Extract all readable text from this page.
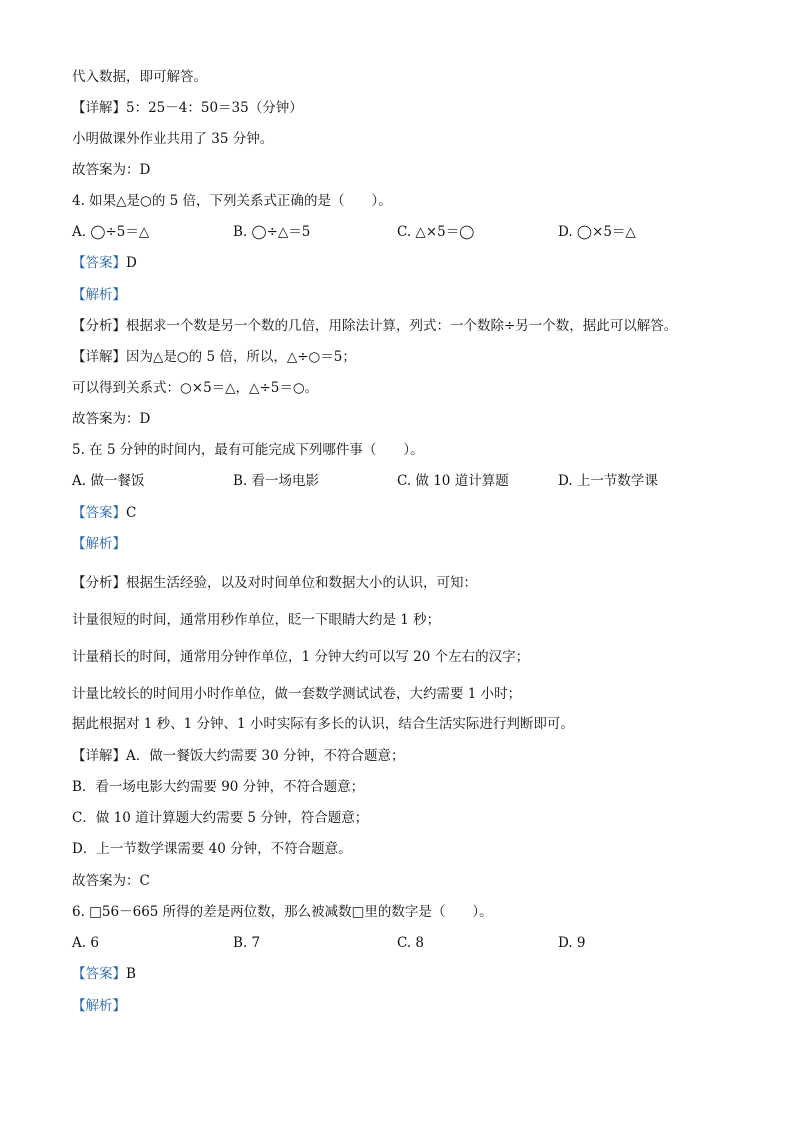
代入数据，即可解答。
【详解】5：25－4：50＝35（分钟）
小明做课外作业共用了 35 分钟。
故答案为：D
4. 如果△是○的 5 倍，下列关系式正确的是（　　）。
A. ◯÷5＝△	B. ◯÷△＝5	C. △×5＝◯	D. ◯×5＝△
【答案】D
【解析】
【分析】根据求一个数是另一个数的几倍，用除法计算，列式：一个数除÷另一个数，据此可以解答。
【详解】因为△是○的 5 倍，所以，△÷○＝5；
可以得到关系式：○×5＝△，△÷5＝○。
故答案为：D
5. 在 5 分钟的时间内，最有可能完成下列哪件事（　　）。
A. 做一餐饭	B. 看一场电影	C. 做 10 道计算题	D. 上一节数学课
【答案】C
【解析】
【分析】根据生活经验，以及对时间单位和数据大小的认识，可知：
计量很短的时间，通常用秒作单位，眨一下眼睛大约是 1 秒；
计量稍长的时间，通常用分钟作单位，1 分钟大约可以写 20 个左右的汉字；
计量比较长的时间用小时作单位，做一套数学测试试卷，大约需要 1 小时；
据此根据对 1 秒、1 分钟、1 小时实际有多长的认识，结合生活实际进行判断即可。
【详解】A．做一餐饭大约需要 30 分钟，不符合题意；
B．看一场电影大约需要 90 分钟，不符合题意；
C．做 10 道计算题大约需要 5 分钟，符合题意；
D．上一节数学课需要 40 分钟，不符合题意。
故答案为：C
6. □56－665 所得的差是两位数，那么被减数□里的数字是（　　）。
A. 6	B. 7	C. 8	D. 9
【答案】B
【解析】
